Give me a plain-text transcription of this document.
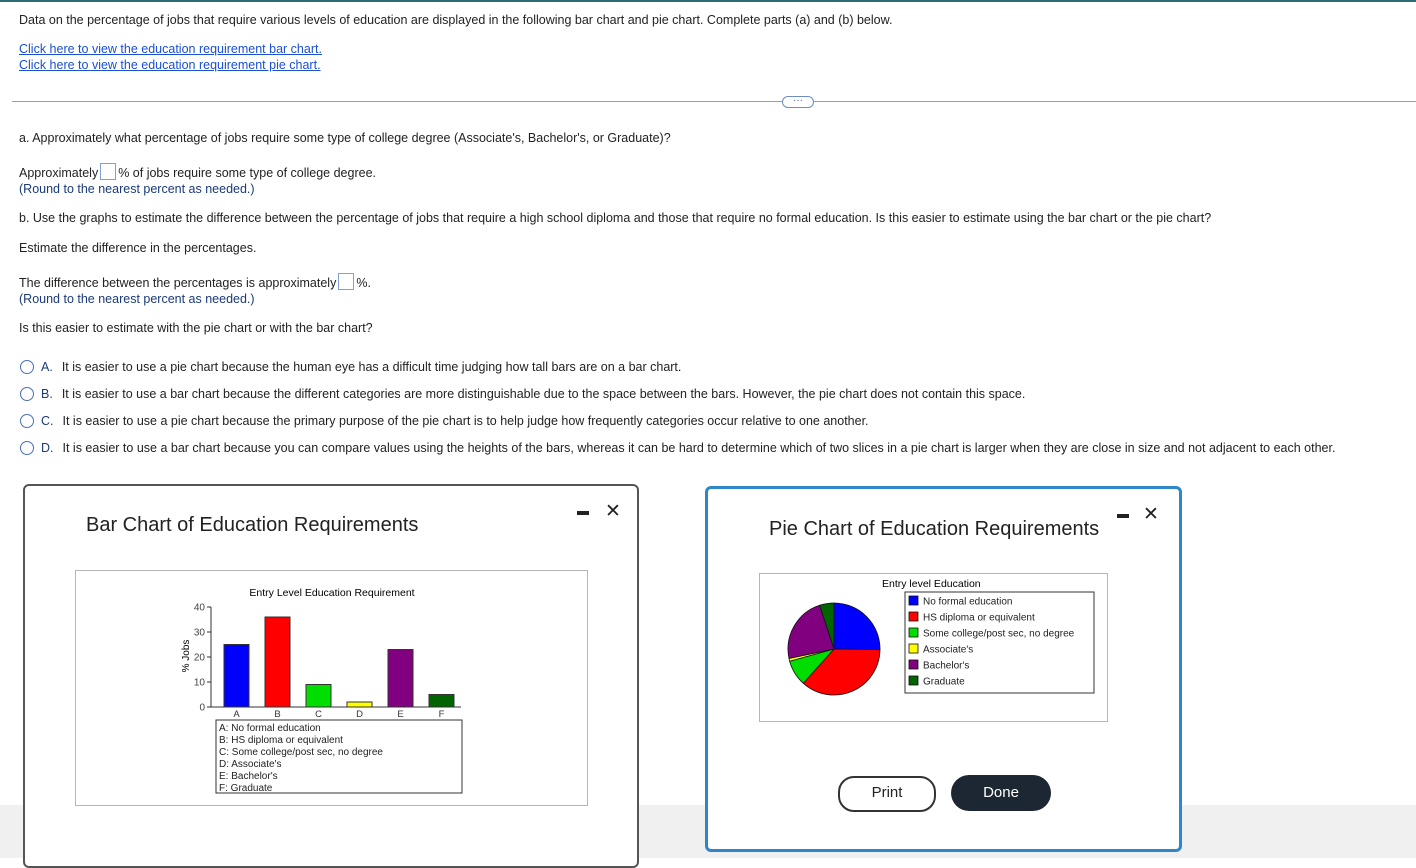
Data on the percentage of jobs that require various levels of education are displayed in the following bar chart and pie chart. Complete parts (a) and (b) below.
Click here to view the education requirement bar chart.
Click here to view the education requirement pie chart.
···
a. Approximately what percentage of jobs require some type of college degree (Associate's, Bachelor's, or Graduate)?
Approximately % of jobs require some type of college degree.
(Round to the nearest percent as needed.)
b. Use the graphs to estimate the difference between the percentage of jobs that require a high school diploma and those that require no formal education. Is this easier to estimate using the bar chart or the pie chart?
Estimate the difference in the percentages.
The difference between the percentages is approximately %.
(Round to the nearest percent as needed.)
Is this easier to estimate with the pie chart or with the bar chart?
A. It is easier to use a pie chart because the human eye has a difficult time judging how tall bars are on a bar chart.
B. It is easier to use a bar chart because the different categories are more distinguishable due to the space between the bars. However, the pie chart does not contain this space.
C. It is easier to use a pie chart because the primary purpose of the pie chart is to help judge how frequently categories occur relative to one another.
D. It is easier to use a bar chart because you can compare values using the heights of the bars, whereas it can be hard to determine which of two slices in a pie chart is larger when they are close in size and not adjacent to each other.
Bar Chart of Education Requirements
✕
Entry Level Education Requirement
% Jobs
0
10
20
30
40
A	B	C	D	E	F
A: No formal education
B: HS diploma or equivalent
C: Some college/post sec, no degree
D: Associate's
E: Bachelor's
F: Graduate
Pie Chart of Education Requirements
✕
Entry level Education
No formal education
HS diploma or equivalent
Some college/post sec, no degree
Associate's
Bachelor's
Graduate
Print	Done
